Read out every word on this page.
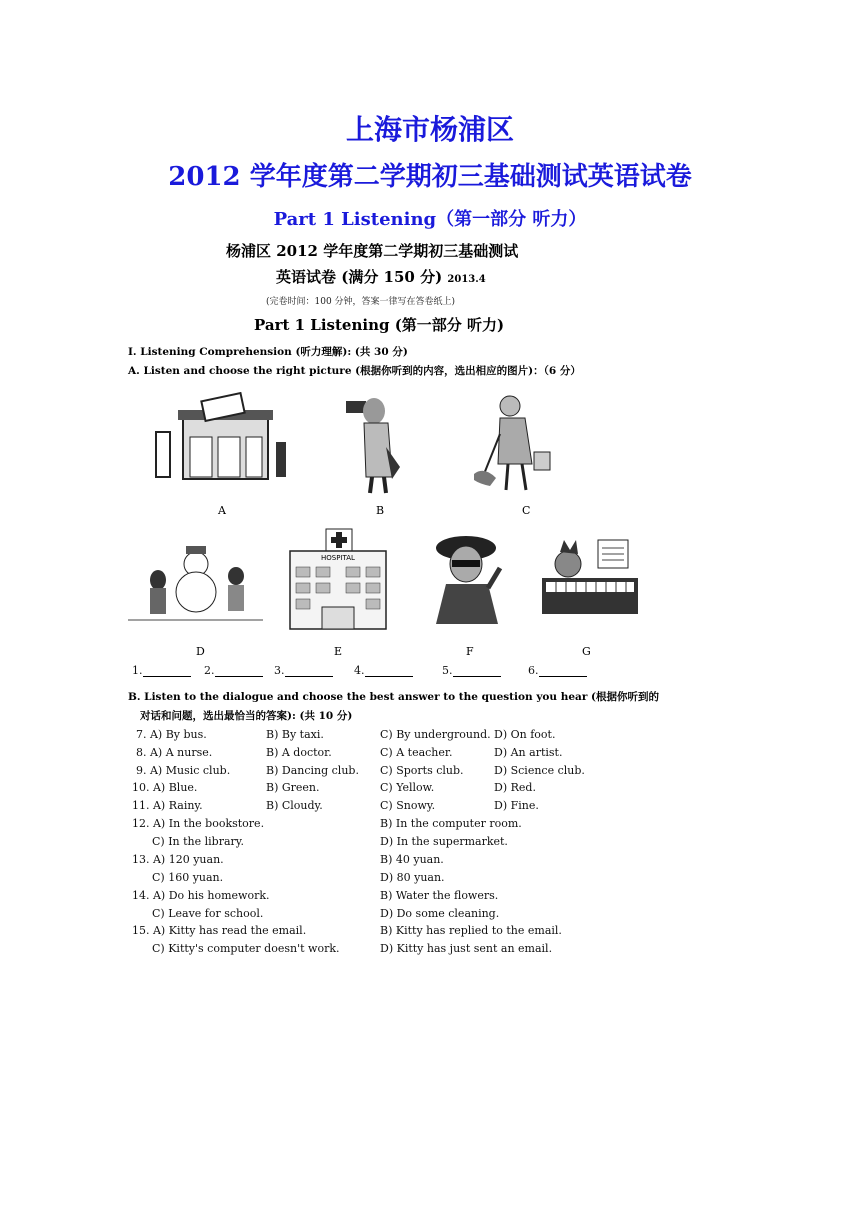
上海市杨浦区
2012 学年度第二学期初三基础测试英语试卷
Part 1 Listening（第一部分 听力）
杨浦区 2012 学年度第二学期初三基础测试
英语试卷 (满分 150 分) 2013.4
(完卷时间：100 分钟，答案一律写在答卷纸上)
Part 1 Listening (第一部分 听力)
I. Listening Comprehension (听力理解): (共 30 分)
A. Listen and choose the right picture (根据你听到的内容，选出相应的图片)：（6 分）
A	B	C
D
HOSPITAL
E	F	G
1.	2.	3.	4.	5.	6.
B. Listen to the dialogue and choose the best answer to the question you hear (根据你听到的
对话和问题，选出最恰当的答案): (共 10 分)
7. A) By bus.	B) By taxi.	C) By underground. D) On foot.
8. A) A nurse.	B) A doctor.	C) A teacher.	D) An artist.
9. A) Music club.	B) Dancing club. C) Sports club.	D) Science club.
10. A) Blue.	B) Green.	C) Yellow.	D) Red.
11. A) Rainy.	B) Cloudy.	C) Snowy.	D) Fine.
12. A) In the bookstore.	B) In the computer room.
C) In the library.	D) In the supermarket.
13. A) 120 yuan.	B) 40 yuan.
C) 160 yuan.	D) 80 yuan.
14. A) Do his homework.	B) Water the flowers.
C) Leave for school.	D) Do some cleaning.
15. A) Kitty has read the email.	B) Kitty has replied to the email.
C) Kitty's computer doesn't work.	D) Kitty has just sent an email.
